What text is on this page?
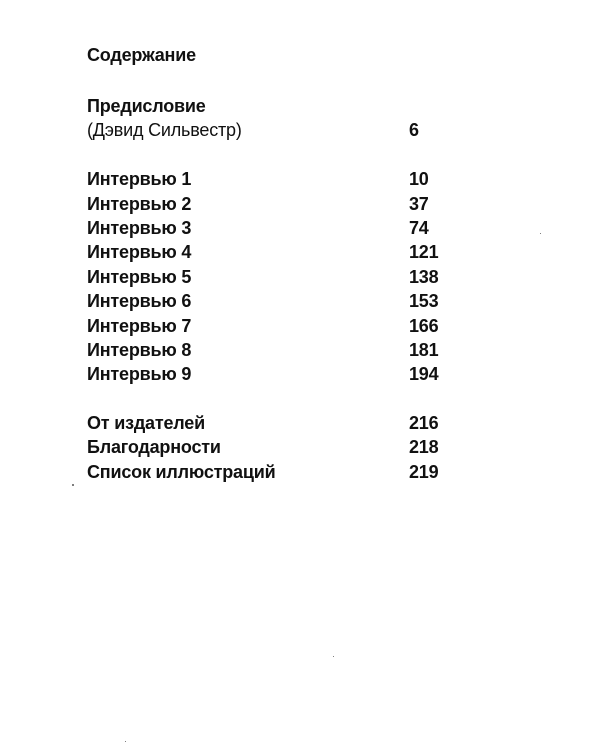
Содержание
Предисловие
(Дэвид Сильвестр)	6
Интервью 1	10
Интервью 2	37
Интервью 3	74
Интервью 4	121
Интервью 5	138
Интервью 6	153
Интервью 7	166
Интервью 8	181
Интервью 9	194
От издателей	216
Благодарности	218
Список иллюстраций	219
